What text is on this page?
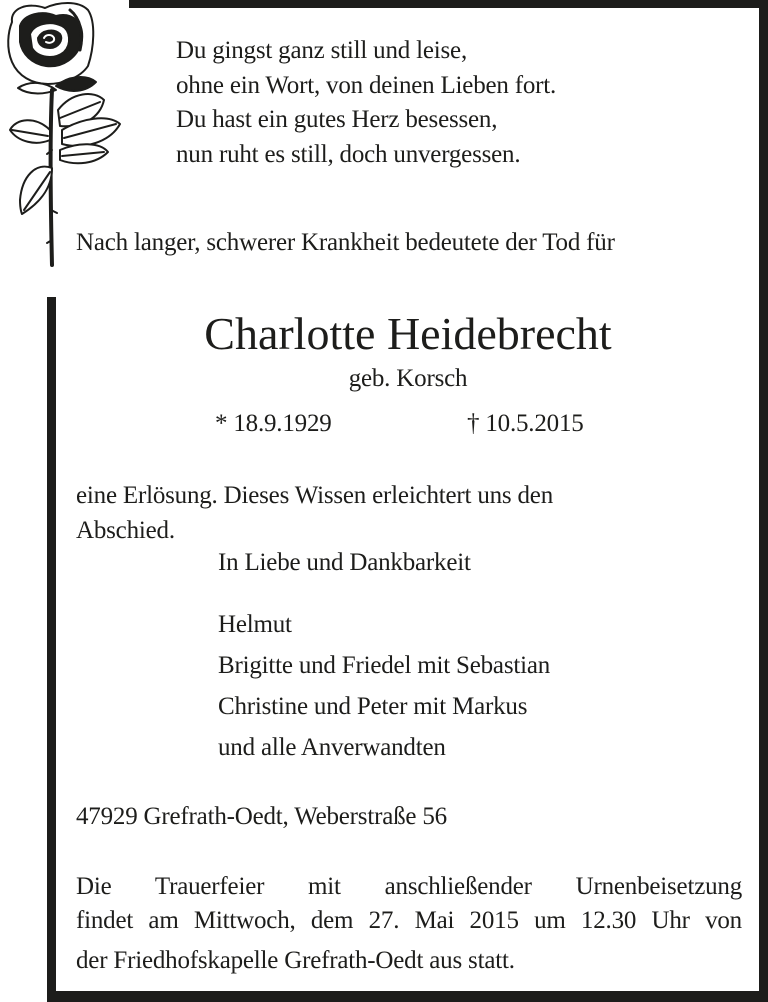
Du gingst ganz still und leise,
ohne ein Wort, von deinen Lieben fort.
Du hast ein gutes Herz besessen,
nun ruht es still, doch unvergessen.
Nach langer, schwerer Krankheit bedeutete der Tod für
Charlotte Heidebrecht
geb. Korsch
* 18.9.1929	† 10.5.2015
eine Erlösung. Dieses Wissen erleichtert uns den
Abschied.
In Liebe und Dankbarkeit
Helmut
Brigitte und Friedel mit Sebastian
Christine und Peter mit Markus
und alle Anverwandten
47929 Grefrath-Oedt, Weberstraße 56
Die Trauerfeier mit anschließender Urnenbeisetzung
findet am Mittwoch, dem 27. Mai 2015 um 12.30 Uhr von
der Friedhofskapelle Grefrath-Oedt aus statt.
